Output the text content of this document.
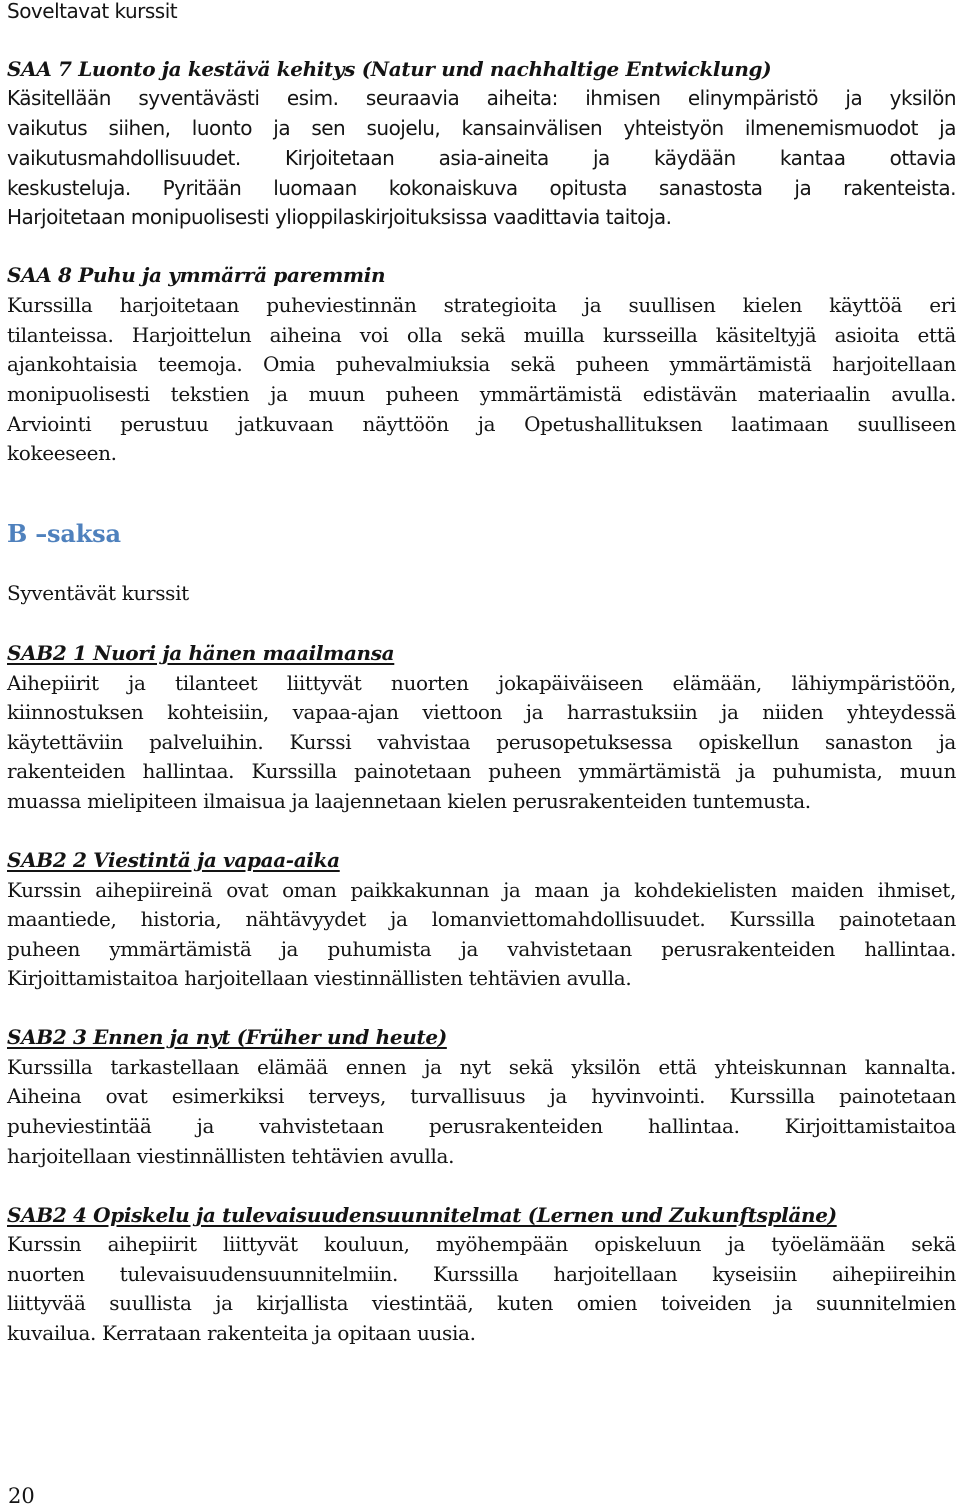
Soveltavat kurssit
SAA 7 Luonto ja kestävä kehitys (Natur und nachhaltige Entwicklung)
Käsitellään syventävästi esim. seuraavia aiheita: ihmisen elinympäristö ja yksilön
vaikutus siihen, luonto ja sen suojelu, kansainvälisen yhteistyön ilmenemismuodot ja
vaikutusmahdollisuudet. Kirjoitetaan asia-aineita ja käydään kantaa ottavia
keskusteluja. Pyritään luomaan kokonaiskuva opitusta sanastosta ja rakenteista.
Harjoitetaan monipuolisesti ylioppilaskirjoituksissa vaadittavia taitoja.
SAA 8 Puhu ja ymmärrä paremmin
Kurssilla harjoitetaan puheviestinnän strategioita ja suullisen kielen käyttöä eri
tilanteissa. Harjoittelun aiheina voi olla sekä muilla kursseilla käsiteltyjä asioita että
ajankohtaisia teemoja. Omia puhevalmiuksia sekä puheen ymmärtämistä harjoitellaan
monipuolisesti tekstien ja muun puheen ymmärtämistä edistävän materiaalin avulla.
Arviointi perustuu jatkuvaan näyttöön ja Opetushallituksen laatimaan suulliseen
kokeeseen.
B –saksa
Syventävät kurssit
SAB2 1 Nuori ja hänen maailmansa
Aihepiirit ja tilanteet liittyvät nuorten jokapäiväiseen elämään, lähiympäristöön,
kiinnostuksen kohteisiin, vapaa-ajan viettoon ja harrastuksiin ja niiden yhteydessä
käytettäviin palveluihin. Kurssi vahvistaa perusopetuksessa opiskellun sanaston ja
rakenteiden hallintaa. Kurssilla painotetaan puheen ymmärtämistä ja puhumista, muun
muassa mielipiteen ilmaisua ja laajennetaan kielen perusrakenteiden tuntemusta.
SAB2 2 Viestintä ja vapaa-aika
Kurssin aihepiireinä ovat oman paikkakunnan ja maan ja kohdekielisten maiden ihmiset,
maantiede, historia, nähtävyydet ja lomanviettomahdollisuudet. Kurssilla painotetaan
puheen ymmärtämistä ja puhumista ja vahvistetaan perusrakenteiden hallintaa.
Kirjoittamistaitoa harjoitellaan viestinnällisten tehtävien avulla.
SAB2 3 Ennen ja nyt (Früher und heute)
Kurssilla tarkastellaan elämää ennen ja nyt sekä yksilön että yhteiskunnan kannalta.
Aiheina ovat esimerkiksi terveys, turvallisuus ja hyvinvointi. Kurssilla painotetaan
puheviestintää ja vahvistetaan perusrakenteiden hallintaa. Kirjoittamistaitoa
harjoitellaan viestinnällisten tehtävien avulla.
SAB2 4 Opiskelu ja tulevaisuudensuunnitelmat (Lernen und Zukunftspläne)
Kurssin aihepiirit liittyvät kouluun, myöhempään opiskeluun ja työelämään sekä
nuorten tulevaisuudensuunnitelmiin. Kurssilla harjoitellaan kyseisiin aihepiireihin
liittyvää suullista ja kirjallista viestintää, kuten omien toiveiden ja suunnitelmien
kuvailua. Kerrataan rakenteita ja opitaan uusia.
20
